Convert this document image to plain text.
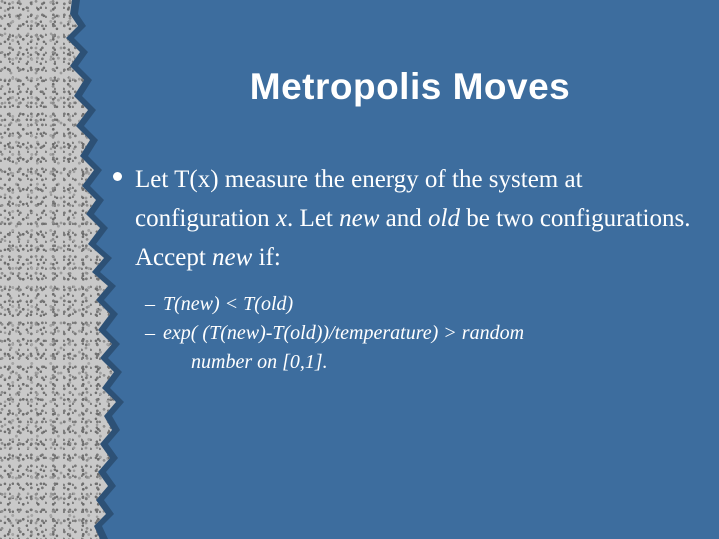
Metropolis Moves
Let T(x) measure the energy of the system at configuration x. Let new and old be two configurations. Accept new if:
– T(new) < T(old)
– exp( (T(new)-T(old))/temperature) > random
number on [0,1].
